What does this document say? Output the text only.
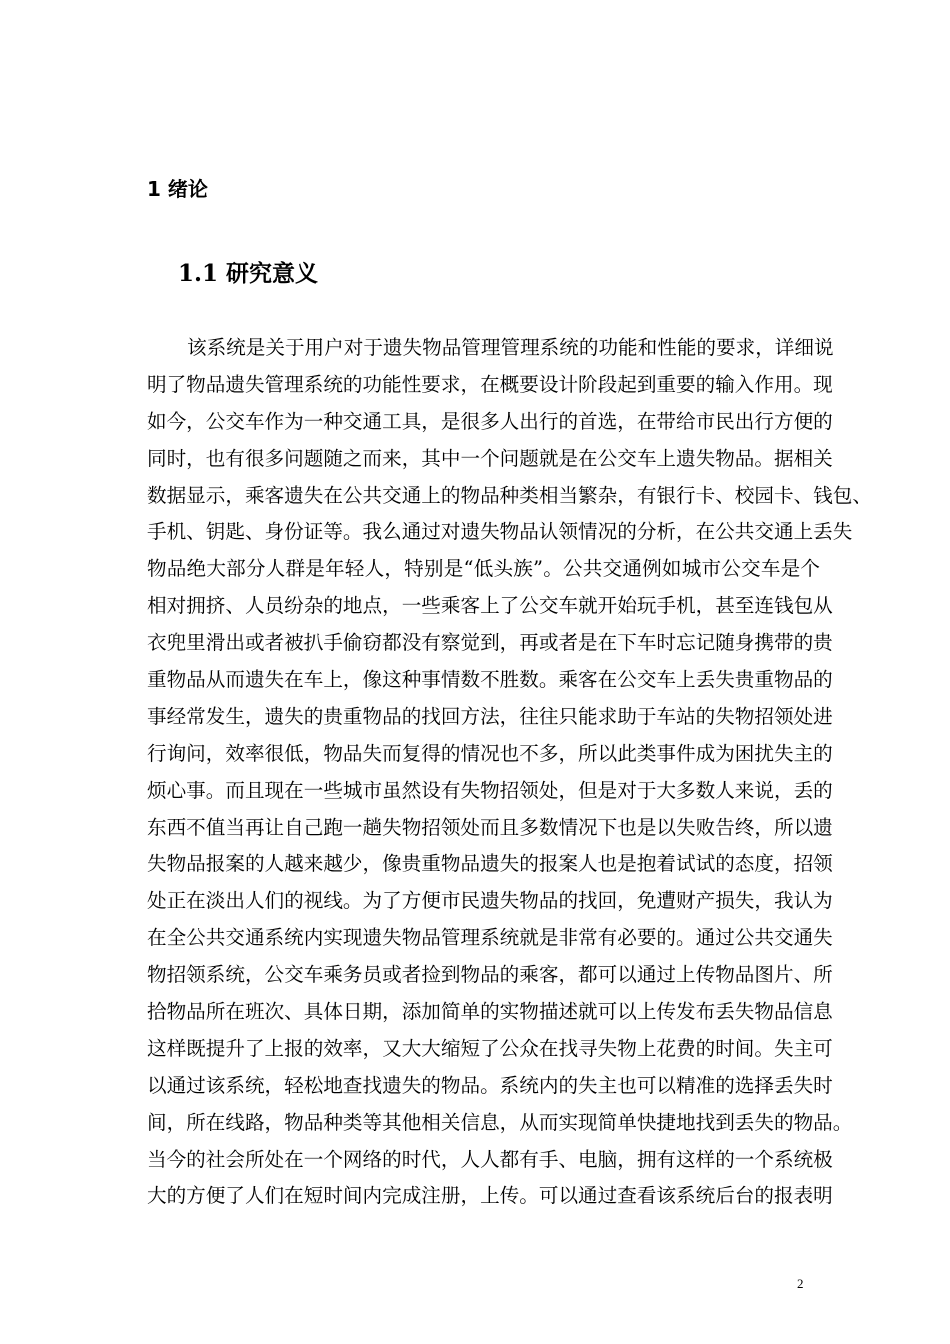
1 绪论
1.1 研究意义
该系统是关于用户对于遗失物品管理管理系统的功能和性能的要求，详细说
明了物品遗失管理系统的功能性要求，在概要设计阶段起到重要的输入作用。现
如今，公交车作为一种交通工具，是很多人出行的首选，在带给市民出行方便的
同时，也有很多问题随之而来，其中一个问题就是在公交车上遗失物品。据相关
数据显示，乘客遗失在公共交通上的物品种类相当繁杂，有银行卡、校园卡、钱包、
手机、钥匙、身份证等。我么通过对遗失物品认领情况的分析，在公共交通上丢失
物品绝大部分人群是年轻人，特别是“低头族”。公共交通例如城市公交车是个
相对拥挤、人员纷杂的地点，一些乘客上了公交车就开始玩手机，甚至连钱包从
衣兜里滑出或者被扒手偷窃都没有察觉到，再或者是在下车时忘记随身携带的贵
重物品从而遗失在车上，像这种事情数不胜数。乘客在公交车上丢失贵重物品的
事经常发生，遗失的贵重物品的找回方法，往往只能求助于车站的失物招领处进
行询问，效率很低，物品失而复得的情况也不多，所以此类事件成为困扰失主的
烦心事。而且现在一些城市虽然设有失物招领处，但是对于大多数人来说，丢的
东西不值当再让自己跑一趟失物招领处而且多数情况下也是以失败告终，所以遗
失物品报案的人越来越少，像贵重物品遗失的报案人也是抱着试试的态度，招领
处正在淡出人们的视线。为了方便市民遗失物品的找回，免遭财产损失，我认为
在全公共交通系统内实现遗失物品管理系统就是非常有必要的。通过公共交通失
物招领系统，公交车乘务员或者捡到物品的乘客，都可以通过上传物品图片、所
拾物品所在班次、具体日期，添加简单的实物描述就可以上传发布丢失物品信息
这样既提升了上报的效率，又大大缩短了公众在找寻失物上花费的时间。失主可
以通过该系统，轻松地查找遗失的物品。系统内的失主也可以精准的选择丢失时
间，所在线路，物品种类等其他相关信息，从而实现简单快捷地找到丢失的物品。
当今的社会所处在一个网络的时代，人人都有手、电脑，拥有这样的一个系统极
大的方便了人们在短时间内完成注册，上传。可以通过查看该系统后台的报表明
2
